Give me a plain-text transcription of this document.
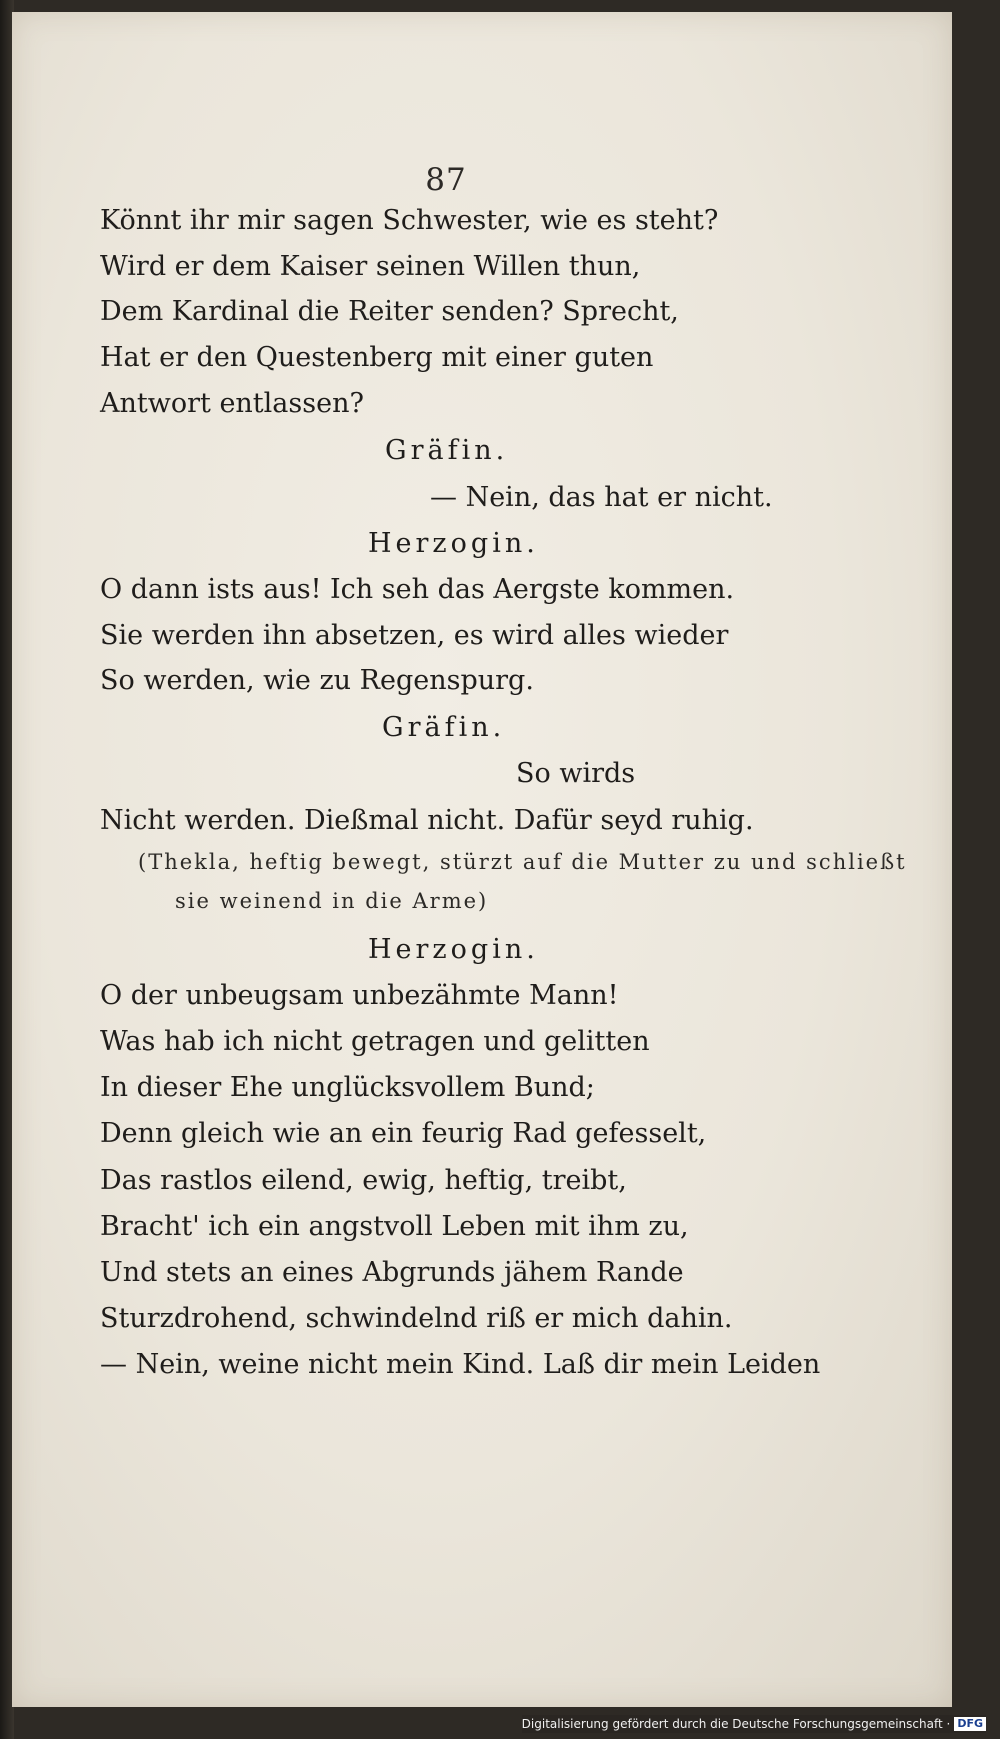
87
Könnt ihr mir sagen Schwester, wie es steht?
Wird er dem Kaiser seinen Willen thun,
Dem Kardinal die Reiter senden? Sprecht,
Hat er den Questenberg mit einer guten
Antwort entlassen?
Gräfin.
— Nein, das hat er nicht.
Herzogin.
O dann ists aus! Ich seh das Aergste kommen.
Sie werden ihn absetzen, es wird alles wieder
So werden, wie zu Regenspurg.
Gräfin.
So wirds
Nicht werden. Dießmal nicht. Dafür seyd ruhig.
(Thekla, heftig bewegt, stürzt auf die Mutter zu und schließt
sie weinend in die Arme)
Herzogin.
O der unbeugsam unbezähmte Mann!
Was hab ich nicht getragen und gelitten
In dieser Ehe unglücksvollem Bund;
Denn gleich wie an ein feurig Rad gefesselt,
Das rastlos eilend, ewig, heftig, treibt,
Bracht' ich ein angstvoll Leben mit ihm zu,
Und stets an eines Abgrunds jähem Rande
Sturzdrohend, schwindelnd riß er mich dahin.
— Nein, weine nicht mein Kind. Laß dir mein Leiden
Digitalisierung gefördert durch die Deutsche Forschungsgemeinschaft · DFG
